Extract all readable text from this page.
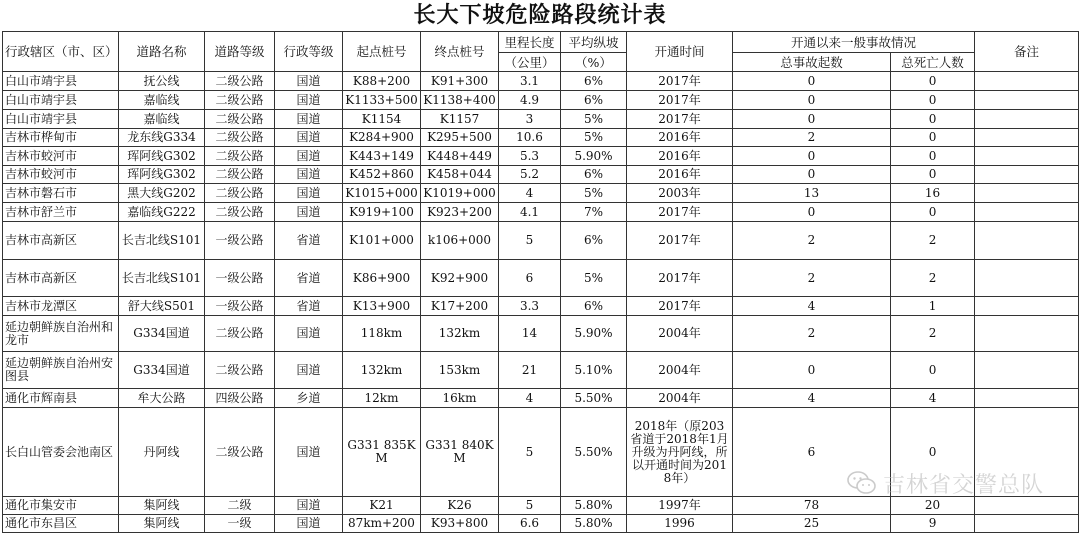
长大下坡危险路段统计表
行政辖区（市、区）	道路名称	道路等级	行政等级	起点桩号	终点桩号	里程长度	平均纵坡	开通时间	开通以来一般事故情况		备注
						（公里）	（%）		总事故起数	总死亡人数	
白山市靖宇县	抚公线	二级公路	国道	K88+200	K91+300	3.1	6%	2017年	0	0	
白山市靖宇县	嘉临线	二级公路	国道	K1133+500	K1138+400	4.9	6%	2017年	0	0	
白山市靖宇县	嘉临线	二级公路	国道	K1154	K1157	3	5%	2017年	0	0	
吉林市桦甸市	龙东线G334	二级公路	国道	K284+900	K295+500	10.6	5%	2016年	2	0	
吉林市蛟河市	珲阿线G302	二级公路	国道	K443+149	K448+449	5.3	5.90%	2016年	0	0	
吉林市蛟河市	珲阿线G302	二级公路	国道	K452+860	K458+044	5.2	6%	2016年	0	0	
吉林市磐石市	黑大线G202	二级公路	国道	K1015+000	K1019+000	4	5%	2003年	13	16	
吉林市舒兰市	嘉临线G222	二级公路	国道	K919+100	K923+200	4.1	7%	2017年	0	0	
吉林市高新区	长吉北线S101	一级公路	省道	K101+000	k106+000	5	6%	2017年	2	2	
吉林市高新区	长吉北线S101	一级公路	省道	K86+900	K92+900	6	5%	2017年	2	2	
吉林市龙潭区	舒大线S501	一级公路	省道	K13+900	K17+200	3.3	6%	2017年	4	1	
延边朝鲜族自治州和龙市	G334国道	二级公路	国道	118km	132km	14	5.90%	2004年	2	2	
延边朝鲜族自治州安图县	G334国道	二级公路	国道	132km	153km	21	5.10%	2004年	0	0	
通化市辉南县	牟大公路	四级公路	乡道	12km	16km	4	5.50%	2004年	4	4	
长白山管委会池南区	丹阿线	二级公路	国道	G331 835KM	G331 840KM	5	5.50%	2018年（原203省道于2018年1月升级为丹阿线，所以开通时间为2018年）	6	0	
通化市集安市	集阿线	二级	国道	K21	K26	5	5.80%	1997年	78	20	
通化市东昌区	集阿线	一级	国道	87km+200	K93+800	6.6	5.80%	1996	25	9	
吉林省交警总队
